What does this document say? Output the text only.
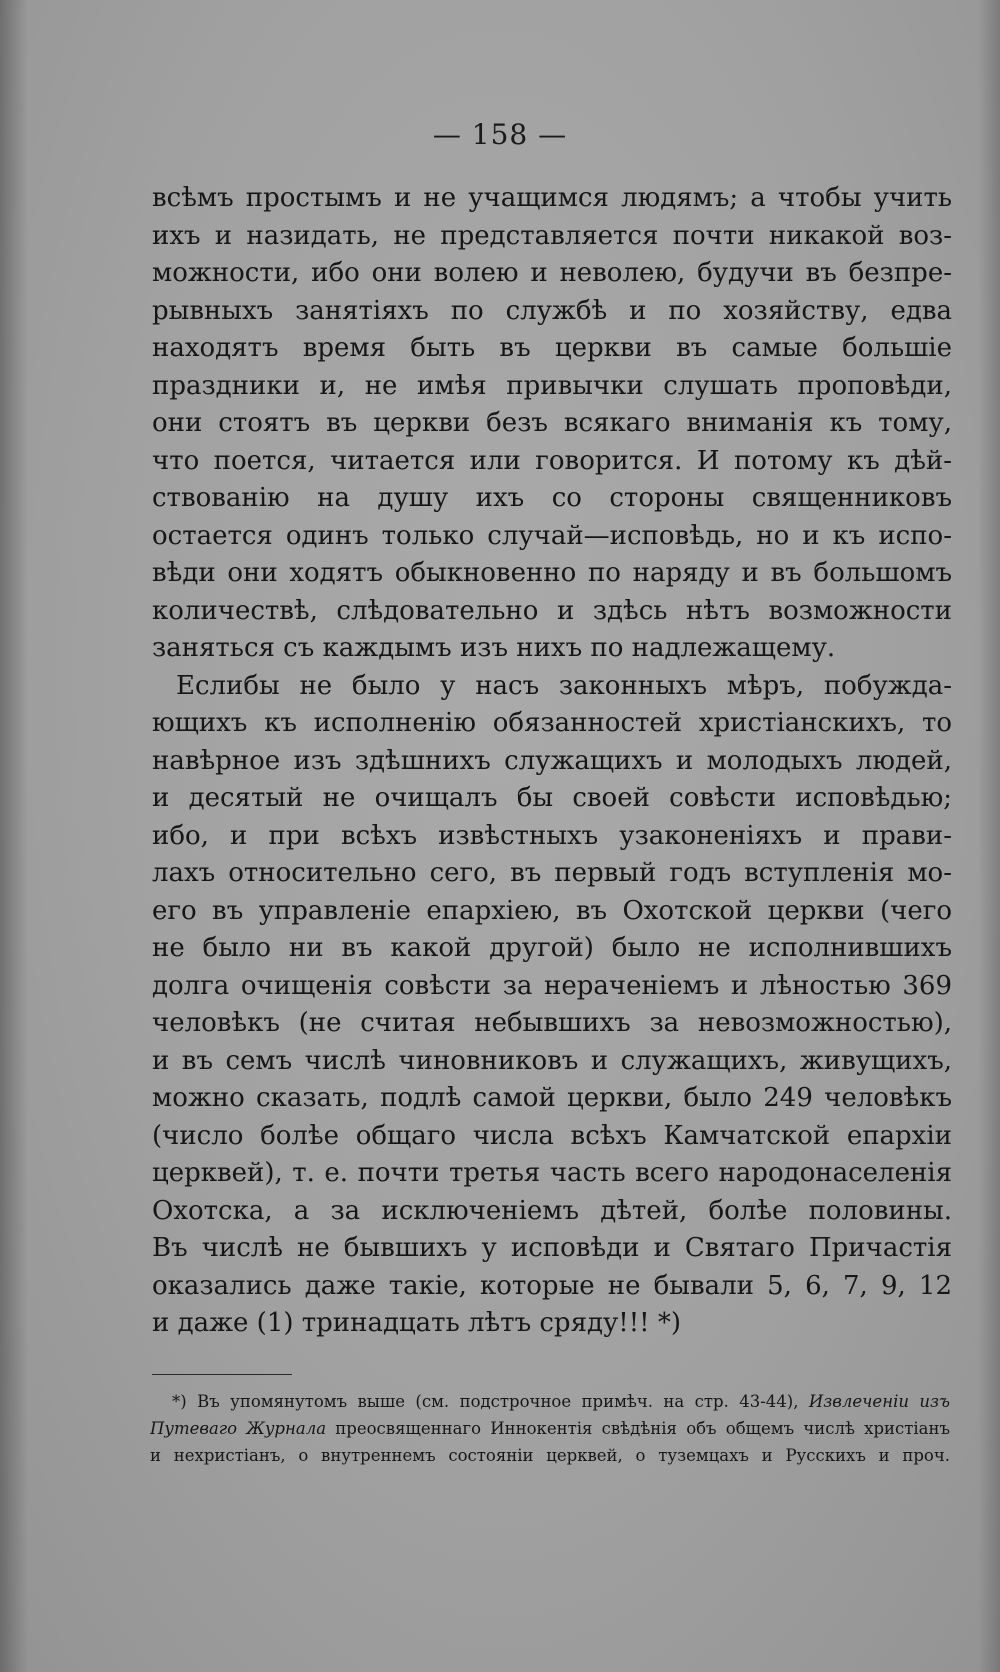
— 158 —
всѣмъ простымъ и не учащимся людямъ; а чтобы учить
ихъ и назидать, не представляется почти никакой воз-
можности, ибо они волею и неволею, будучи въ безпре-
рывныхъ занятiяхъ по службѣ и по хозяйству, едва
находятъ время быть въ церкви въ самые большiе
праздники и, не имѣя привычки слушать проповѣди,
они стоятъ въ церкви безъ всякаго вниманiя къ тому,
что поется, читается или говорится. И потому къ дѣй-
ствованiю на душу ихъ со стороны священниковъ
остается одинъ только случай—исповѣдь, но и къ испо-
вѣди они ходятъ обыкновенно по наряду и въ большомъ
количествѣ, слѣдовательно и здѣсь нѣтъ возможности
заняться съ каждымъ изъ нихъ по надлежащему.
Еслибы не было у насъ законныхъ мѣръ, побужда-
ющихъ къ исполненiю обязанностей христiанскихъ, то
навѣрное изъ здѣшнихъ служащихъ и молодыхъ людей,
и десятый не очищалъ бы своей совѣсти исповѣдью;
ибо, и при всѣхъ извѣстныхъ узаконенiяхъ и прави-
лахъ относительно сего, въ первый годъ вступленiя мо-
его въ управленiе епархiею, въ Охотской церкви (чего
не было ни въ какой другой) было не исполнившихъ
долга очищенiя совѣсти за нераченiемъ и лѣностью 369
человѣкъ (не считая небывшихъ за невозможностью),
и въ семъ числѣ чиновниковъ и служащихъ, живущихъ,
можно сказать, подлѣ самой церкви, было 249 человѣкъ
(число болѣе общаго числа всѣхъ Камчатской епархiи
церквей), т. е. почти третья часть всего народонаселенiя
Охотска, а за исключенiемъ дѣтей, болѣе половины.
Въ числѣ не бывшихъ у исповѣди и Святаго Причастiя
оказались даже такiе, которые не бывали 5, 6, 7, 9, 12
и даже (1) тринадцать лѣтъ сряду!!! *)
*) Въ упомянутомъ выше (см. подстрочное примѣч. на стр. 43-44), Извлеченiи изъ
Путеваго Журнала преосвященнаго Иннокентiя свѣдѣнiя объ общемъ числѣ христiанъ
и нехристiанъ, о внутреннемъ состоянiи церквей, о туземцахъ и Русскихъ и проч.
